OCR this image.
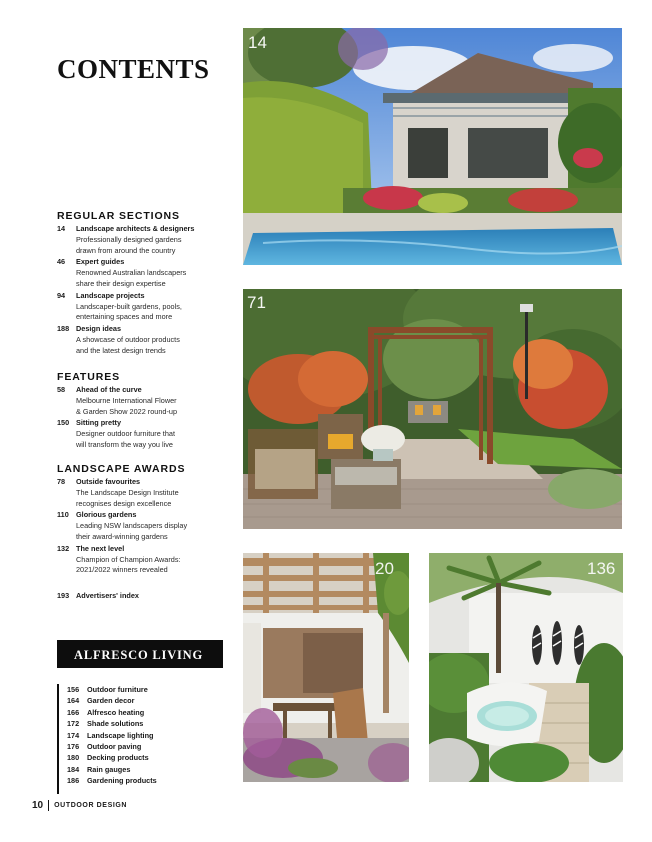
CONTENTS
REGULAR SECTIONS
14	Landscape architects & designers
Professionally designed gardens
drawn from around the country
46	Expert guides
Renowned Australian landscapers
share their design expertise
94	Landscape projects
Landscaper-built gardens, pools,
entertaining spaces and more
188 Design ideas
A showcase of outdoor products
and the latest design trends
FEATURES
58	Ahead of the curve
Melbourne International Flower
& Garden Show 2022 round-up
150 Sitting pretty
Designer outdoor furniture that
will transform the way you live
LANDSCAPE AWARDS
78	Outside favourites
The Landscape Design Institute
recognises design excellence
110 Glorious gardens
Leading NSW landscapers display
their award-winning gardens
132 The next level
Champion of Champion Awards:
2021/2022 winners revealed
193 Advertisers' index
ALFRESCO LIVING
156	Outdoor furniture
164	Garden decor
166	Alfresco heating
172	Shade solutions
174	Landscape lighting
176	Outdoor paving
180	Decking products
184	Rain gauges
186	Gardening products
10 OUTDOOR DESIGN
14
71
20	136
